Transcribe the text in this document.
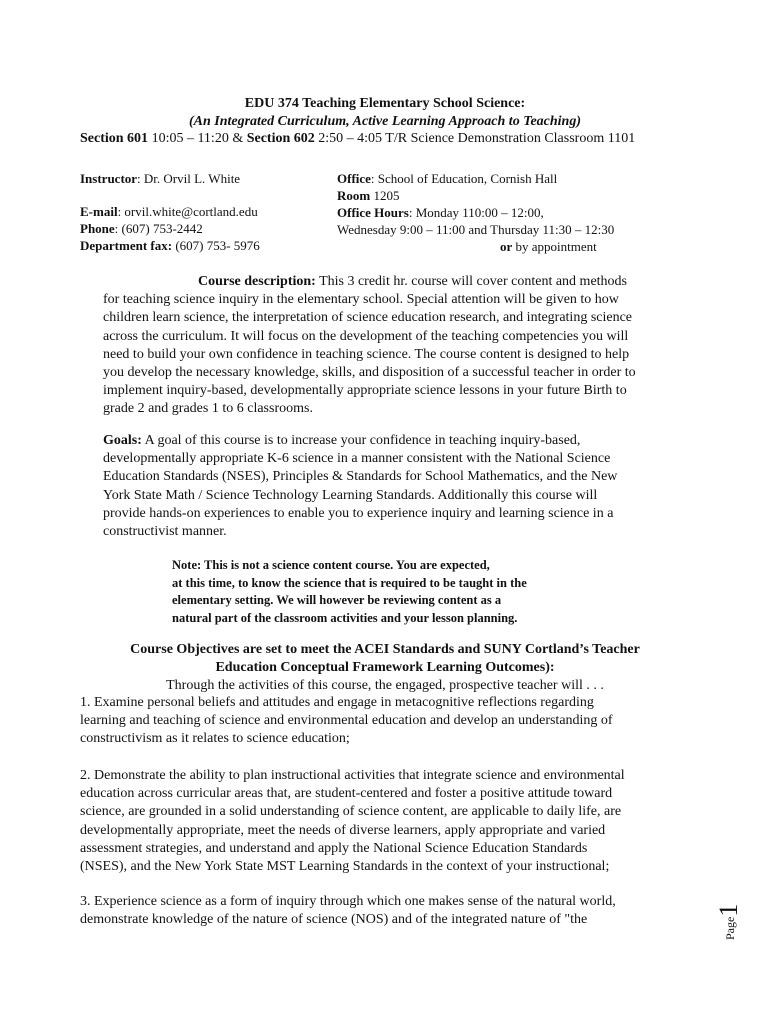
EDU 374 Teaching Elementary School Science:
(An Integrated Curriculum, Active Learning Approach to Teaching)
Section 601 10:05 – 11:20 & Section 602 2:50 – 4:05 T/R Science Demonstration Classroom 1101
Instructor: Dr. Orvil L. White
E-mail: orvil.white@cortland.edu
Phone: (607) 753-2442
Department fax: (607) 753- 5976
Office: School of Education, Cornish Hall
Room 1205
Office Hours: Monday 110:00 – 12:00,
Wednesday 9:00 – 11:00 and Thursday 11:30 – 12:30
or by appointment
Course description: This 3 credit hr. course will cover content and methods
for teaching science inquiry in the elementary school. Special attention will be given to how
children learn science, the interpretation of science education research, and integrating science
across the curriculum. It will focus on the development of the teaching competencies you will
need to build your own confidence in teaching science. The course content is designed to help
you develop the necessary knowledge, skills, and disposition of a successful teacher in order to
implement inquiry-based, developmentally appropriate science lessons in your future Birth to
grade 2 and grades 1 to 6 classrooms.
Goals: A goal of this course is to increase your confidence in teaching inquiry-based,
developmentally appropriate K-6 science in a manner consistent with the National Science
Education Standards (NSES), Principles & Standards for School Mathematics, and the New
York State Math / Science Technology Learning Standards. Additionally this course will
provide hands-on experiences to enable you to experience inquiry and learning science in a
constructivist manner.
Note: This is not a science content course. You are expected,
at this time, to know the science that is required to be taught in the
elementary setting. We will however be reviewing content as a
natural part of the classroom activities and your lesson planning.
Course Objectives are set to meet the ACEI Standards and SUNY Cortland’s Teacher
Education Conceptual Framework Learning Outcomes):
Through the activities of this course, the engaged, prospective teacher will . . .
1. Examine personal beliefs and attitudes and engage in metacognitive reflections regarding
learning and teaching of science and environmental education and develop an understanding of
constructivism as it relates to science education;
2. Demonstrate the ability to plan instructional activities that integrate science and environmental
education across curricular areas that, are student-centered and foster a positive attitude toward
science, are grounded in a solid understanding of science content, are applicable to daily life, are
developmentally appropriate, meet the needs of diverse learners, apply appropriate and varied
assessment strategies, and understand and apply the National Science Education Standards
(NSES), and the New York State MST Learning Standards in the context of your instructional;
3. Experience science as a form of inquiry through which one makes sense of the natural world,
demonstrate knowledge of the nature of science (NOS) and of the integrated nature of "the	Page1
